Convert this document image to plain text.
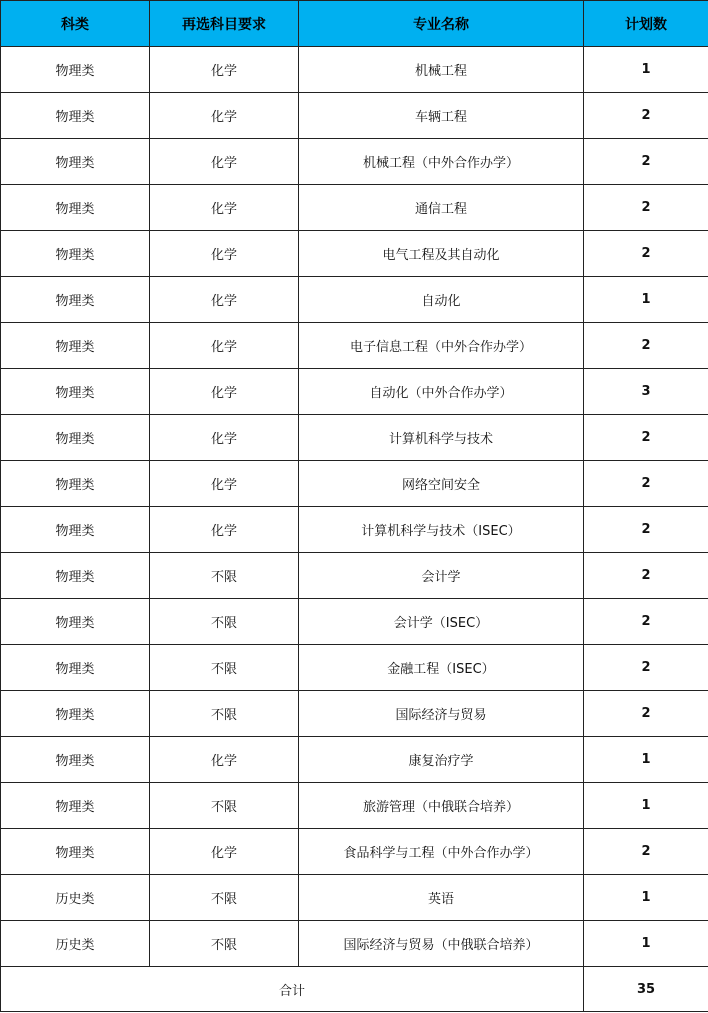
科类	再选科目要求	专业名称	计划数
物理类	化学	机械工程	1
物理类	化学	车辆工程	2
物理类	化学	机械工程（中外合作办学）	2
物理类	化学	通信工程	2
物理类	化学	电气工程及其自动化	2
物理类	化学	自动化	1
物理类	化学	电子信息工程（中外合作办学）	2
物理类	化学	自动化（中外合作办学）	3
物理类	化学	计算机科学与技术	2
物理类	化学	网络空间安全	2
物理类	化学	计算机科学与技术（ISEC）	2
物理类	不限	会计学	2
物理类	不限	会计学（ISEC）	2
物理类	不限	金融工程（ISEC）	2
物理类	不限	国际经济与贸易	2
物理类	化学	康复治疗学	1
物理类	不限	旅游管理（中俄联合培养）	1
物理类	化学	食品科学与工程（中外合作办学）	2
历史类	不限	英语	1
历史类	不限	国际经济与贸易（中俄联合培养）	1
合计			35
